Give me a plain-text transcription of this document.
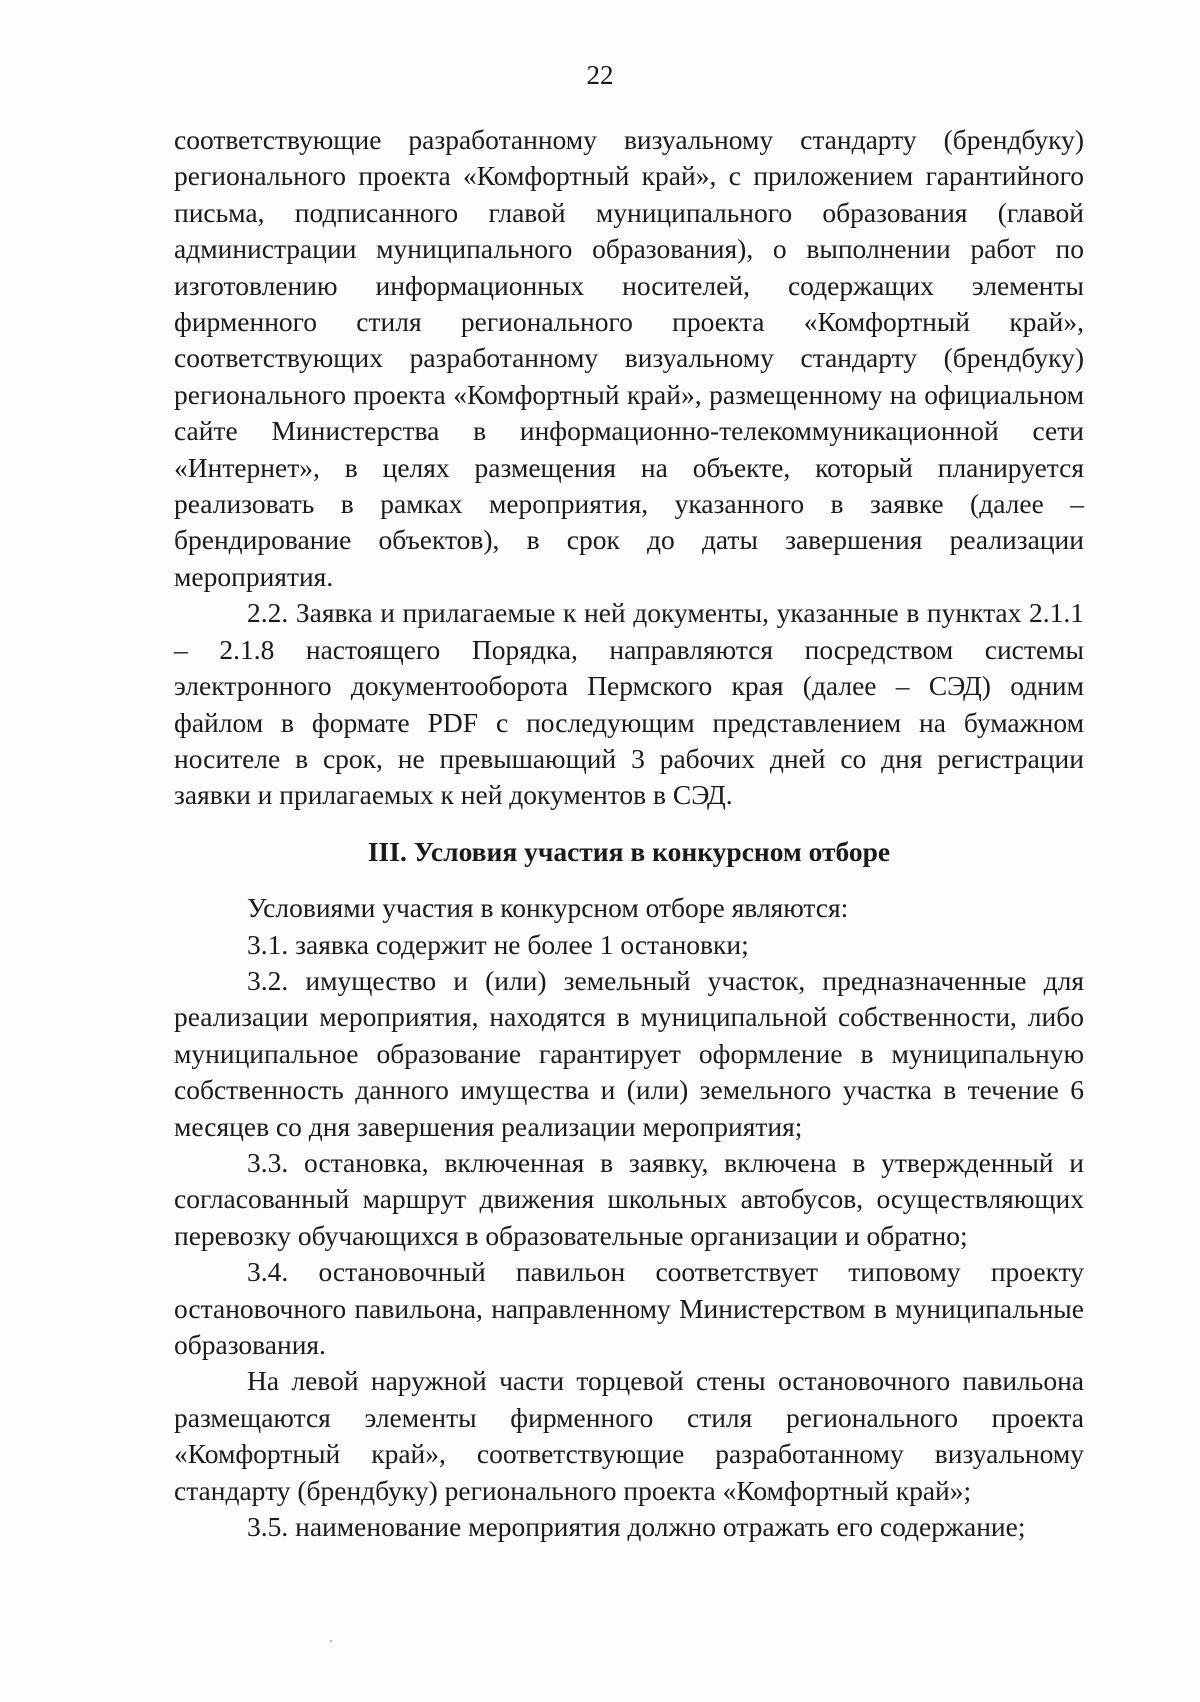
22

соответствующие разработанному визуальному стандарту (брендбуку) регионального проекта «Комфортный край», с приложением гарантийного письма, подписанного главой муниципального образования (главой администрации муниципального образования), о выполнении работ по изготовлению информационных носителей, содержащих элементы фирменного стиля регионального проекта «Комфортный край», соответствующих разработанному визуальному стандарту (брендбуку) регионального проекта «Комфортный край», размещенному на официальном сайте Министерства в информационно-телекоммуникационной сети «Интернет», в целях размещения на объекте, который планируется реализовать в рамках мероприятия, указанного в заявке (далее – брендирование объектов), в срок до даты завершения реализации мероприятия.

2.2. Заявка и прилагаемые к ней документы, указанные в пунктах 2.1.1 – 2.1.8 настоящего Порядка, направляются посредством системы электронного документооборота Пермского края (далее – СЭД) одним файлом в формате PDF с последующим представлением на бумажном носителе в срок, не превышающий 3 рабочих дней со дня регистрации заявки и прилагаемых к ней документов в СЭД.

III. Условия участия в конкурсном отборе

Условиями участия в конкурсном отборе являются:

3.1. заявка содержит не более 1 остановки;

3.2. имущество и (или) земельный участок, предназначенные для реализации мероприятия, находятся в муниципальной собственности, либо муниципальное образование гарантирует оформление в муниципальную собственность данного имущества и (или) земельного участка в течение 6 месяцев со дня завершения реализации мероприятия;

3.3. остановка, включенная в заявку, включена в утвержденный и согласованный маршрут движения школьных автобусов, осуществляющих перевозку обучающихся в образовательные организации и обратно;

3.4. остановочный павильон соответствует типовому проекту остановочного павильона, направленному Министерством в муниципальные образования.

На левой наружной части торцевой стены остановочного павильона размещаются элементы фирменного стиля регионального проекта «Комфортный край», соответствующие разработанному визуальному стандарту (брендбуку) регионального проекта «Комфортный край»;

3.5. наименование мероприятия должно отражать его содержание;
